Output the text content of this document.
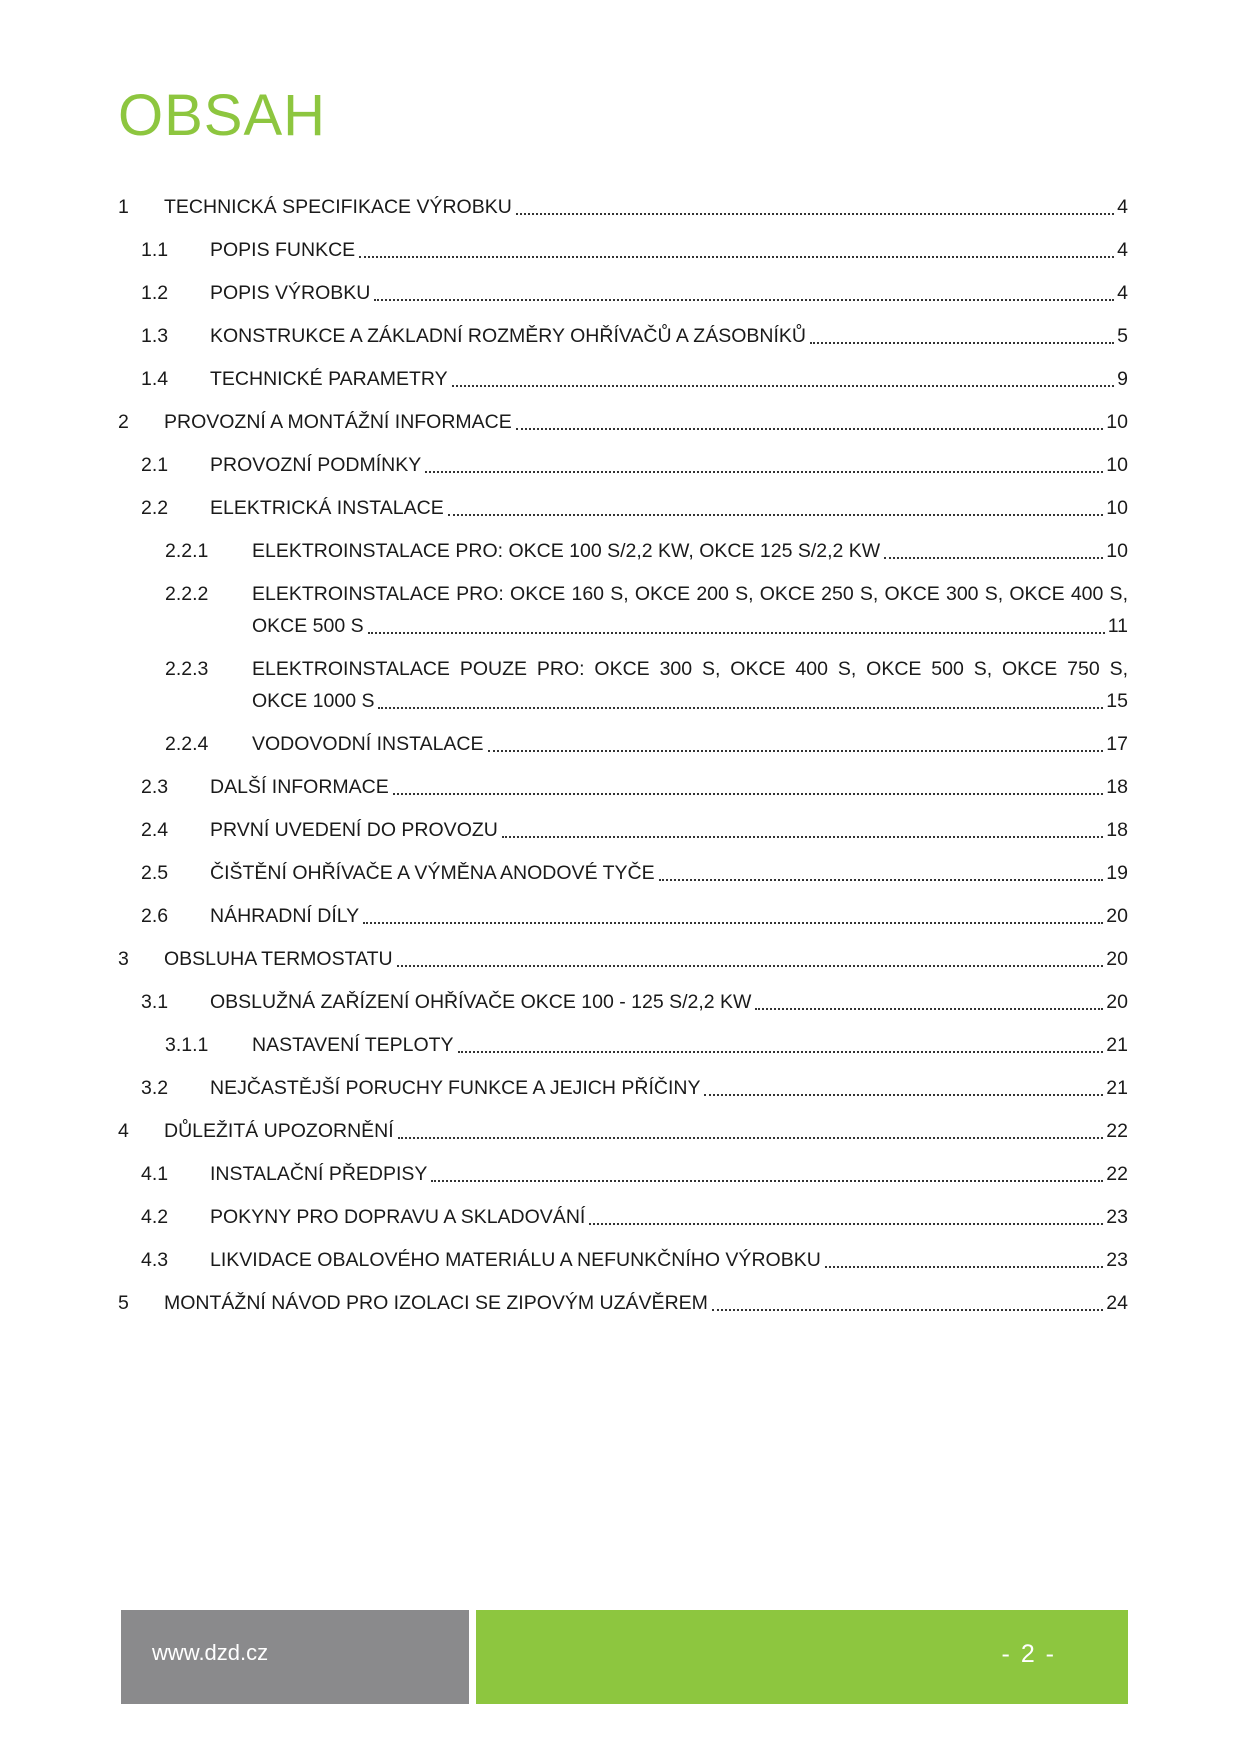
OBSAH
1 TECHNICKÁ SPECIFIKACE VÝROBKU	4
1.1 POPIS FUNKCE	4
1.2 POPIS VÝROBKU	4
1.3 KONSTRUKCE A ZÁKLADNÍ ROZMĚRY OHŘÍVAČŮ A ZÁSOBNÍKŮ	5
1.4 TECHNICKÉ PARAMETRY	9
2 PROVOZNÍ A MONTÁŽNÍ INFORMACE	10
2.1 PROVOZNÍ PODMÍNKY	10
2.2 ELEKTRICKÁ INSTALACE	10
2.2.1 ELEKTROINSTALACE PRO: OKCE 100 S/2,2 KW, OKCE 125 S/2,2 KW	10
2.2.2 ELEKTROINSTALACE PRO: OKCE 160 S, OKCE 200 S, OKCE 250 S, OKCE 300 S, OKCE 400 S,
OKCE 500 S	11
2.2.3 ELEKTROINSTALACE POUZE PRO: OKCE 300 S, OKCE 400 S, OKCE 500 S, OKCE 750 S,
OKCE 1000 S	15
2.2.4 VODOVODNÍ INSTALACE	17
2.3 DALŠÍ INFORMACE	18
2.4 PRVNÍ UVEDENÍ DO PROVOZU	18
2.5 ČIŠTĚNÍ OHŘÍVAČE A VÝMĚNA ANODOVÉ TYČE	19
2.6 NÁHRADNÍ DÍLY	20
3 OBSLUHA TERMOSTATU	20
3.1 OBSLUŽNÁ ZAŘÍZENÍ OHŘÍVAČE OKCE 100 - 125 S/2,2 KW	20
3.1.1 NASTAVENÍ TEPLOTY	21
3.2 NEJČASTĚJŠÍ PORUCHY FUNKCE A JEJICH PŘÍČINY	21
4 DŮLEŽITÁ UPOZORNĚNÍ	22
4.1 INSTALAČNÍ PŘEDPISY	22
4.2 POKYNY PRO DOPRAVU A SKLADOVÁNÍ	23
4.3 LIKVIDACE OBALOVÉHO MATERIÁLU A NEFUNKČNÍHO VÝROBKU	23
5 MONTÁŽNÍ NÁVOD PRO IZOLACI SE ZIPOVÝM UZÁVĚREM	24
www.dzd.cz	- 2 -
